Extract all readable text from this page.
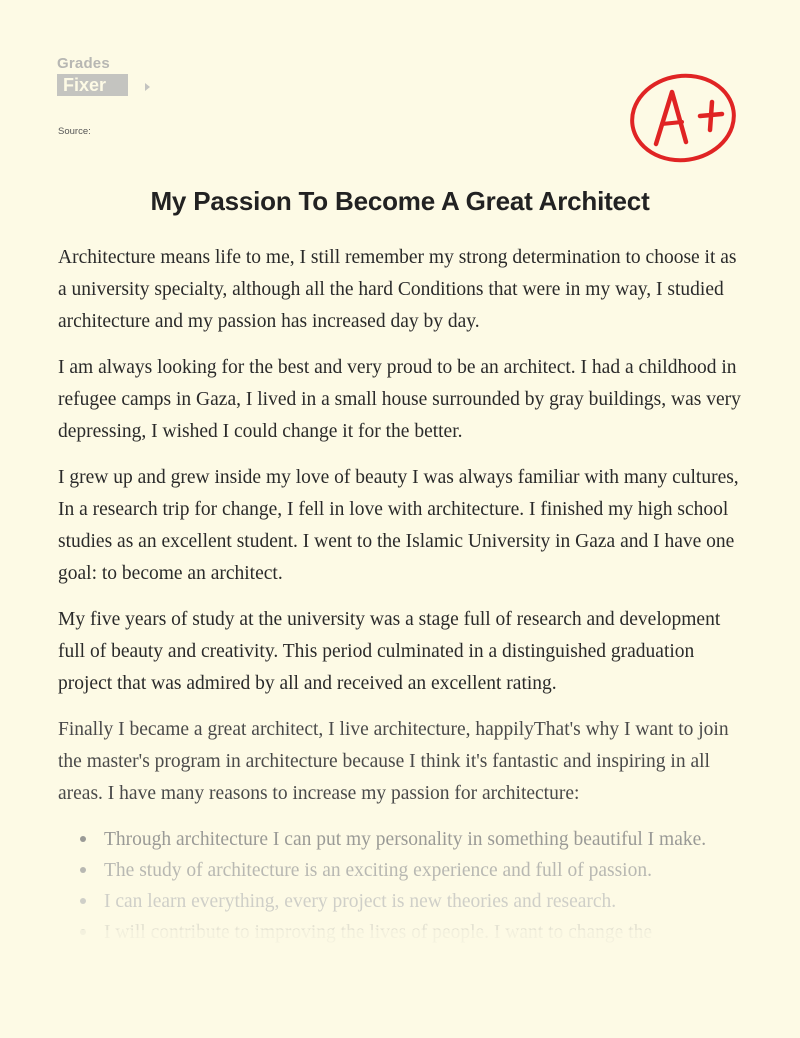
Grades
Fixer
Source:
My Passion To Become A Great Architect

Architecture means life to me, I still remember my strong determination to choose it as a university specialty, although all the hard Conditions that were in my way, I studied architecture and my passion has increased day by day.

I am always looking for the best and very proud to be an architect. I had a childhood in refugee camps in Gaza, I lived in a small house surrounded by gray buildings, was very depressing, I wished I could change it for the better.

I grew up and grew inside my love of beauty I was always familiar with many cultures, In a research trip for change, I fell in love with architecture. I finished my high school studies as an excellent student. I went to the Islamic University in Gaza and I have one goal: to become an architect.

My five years of study at the university was a stage full of research and development full of beauty and creativity. This period culminated in a distinguished graduation project that was admired by all and received an excellent rating.

Finally I became a great architect, I live architecture, happilyThat's why I want to join the master's program in architecture because I think it's fantastic and inspiring in all areas. I have many reasons to increase my passion for architecture:

Through architecture I can put my personality in something beautiful I make.
The study of architecture is an exciting experience and full of passion.
I can learn everything, every project is new theories and research.
